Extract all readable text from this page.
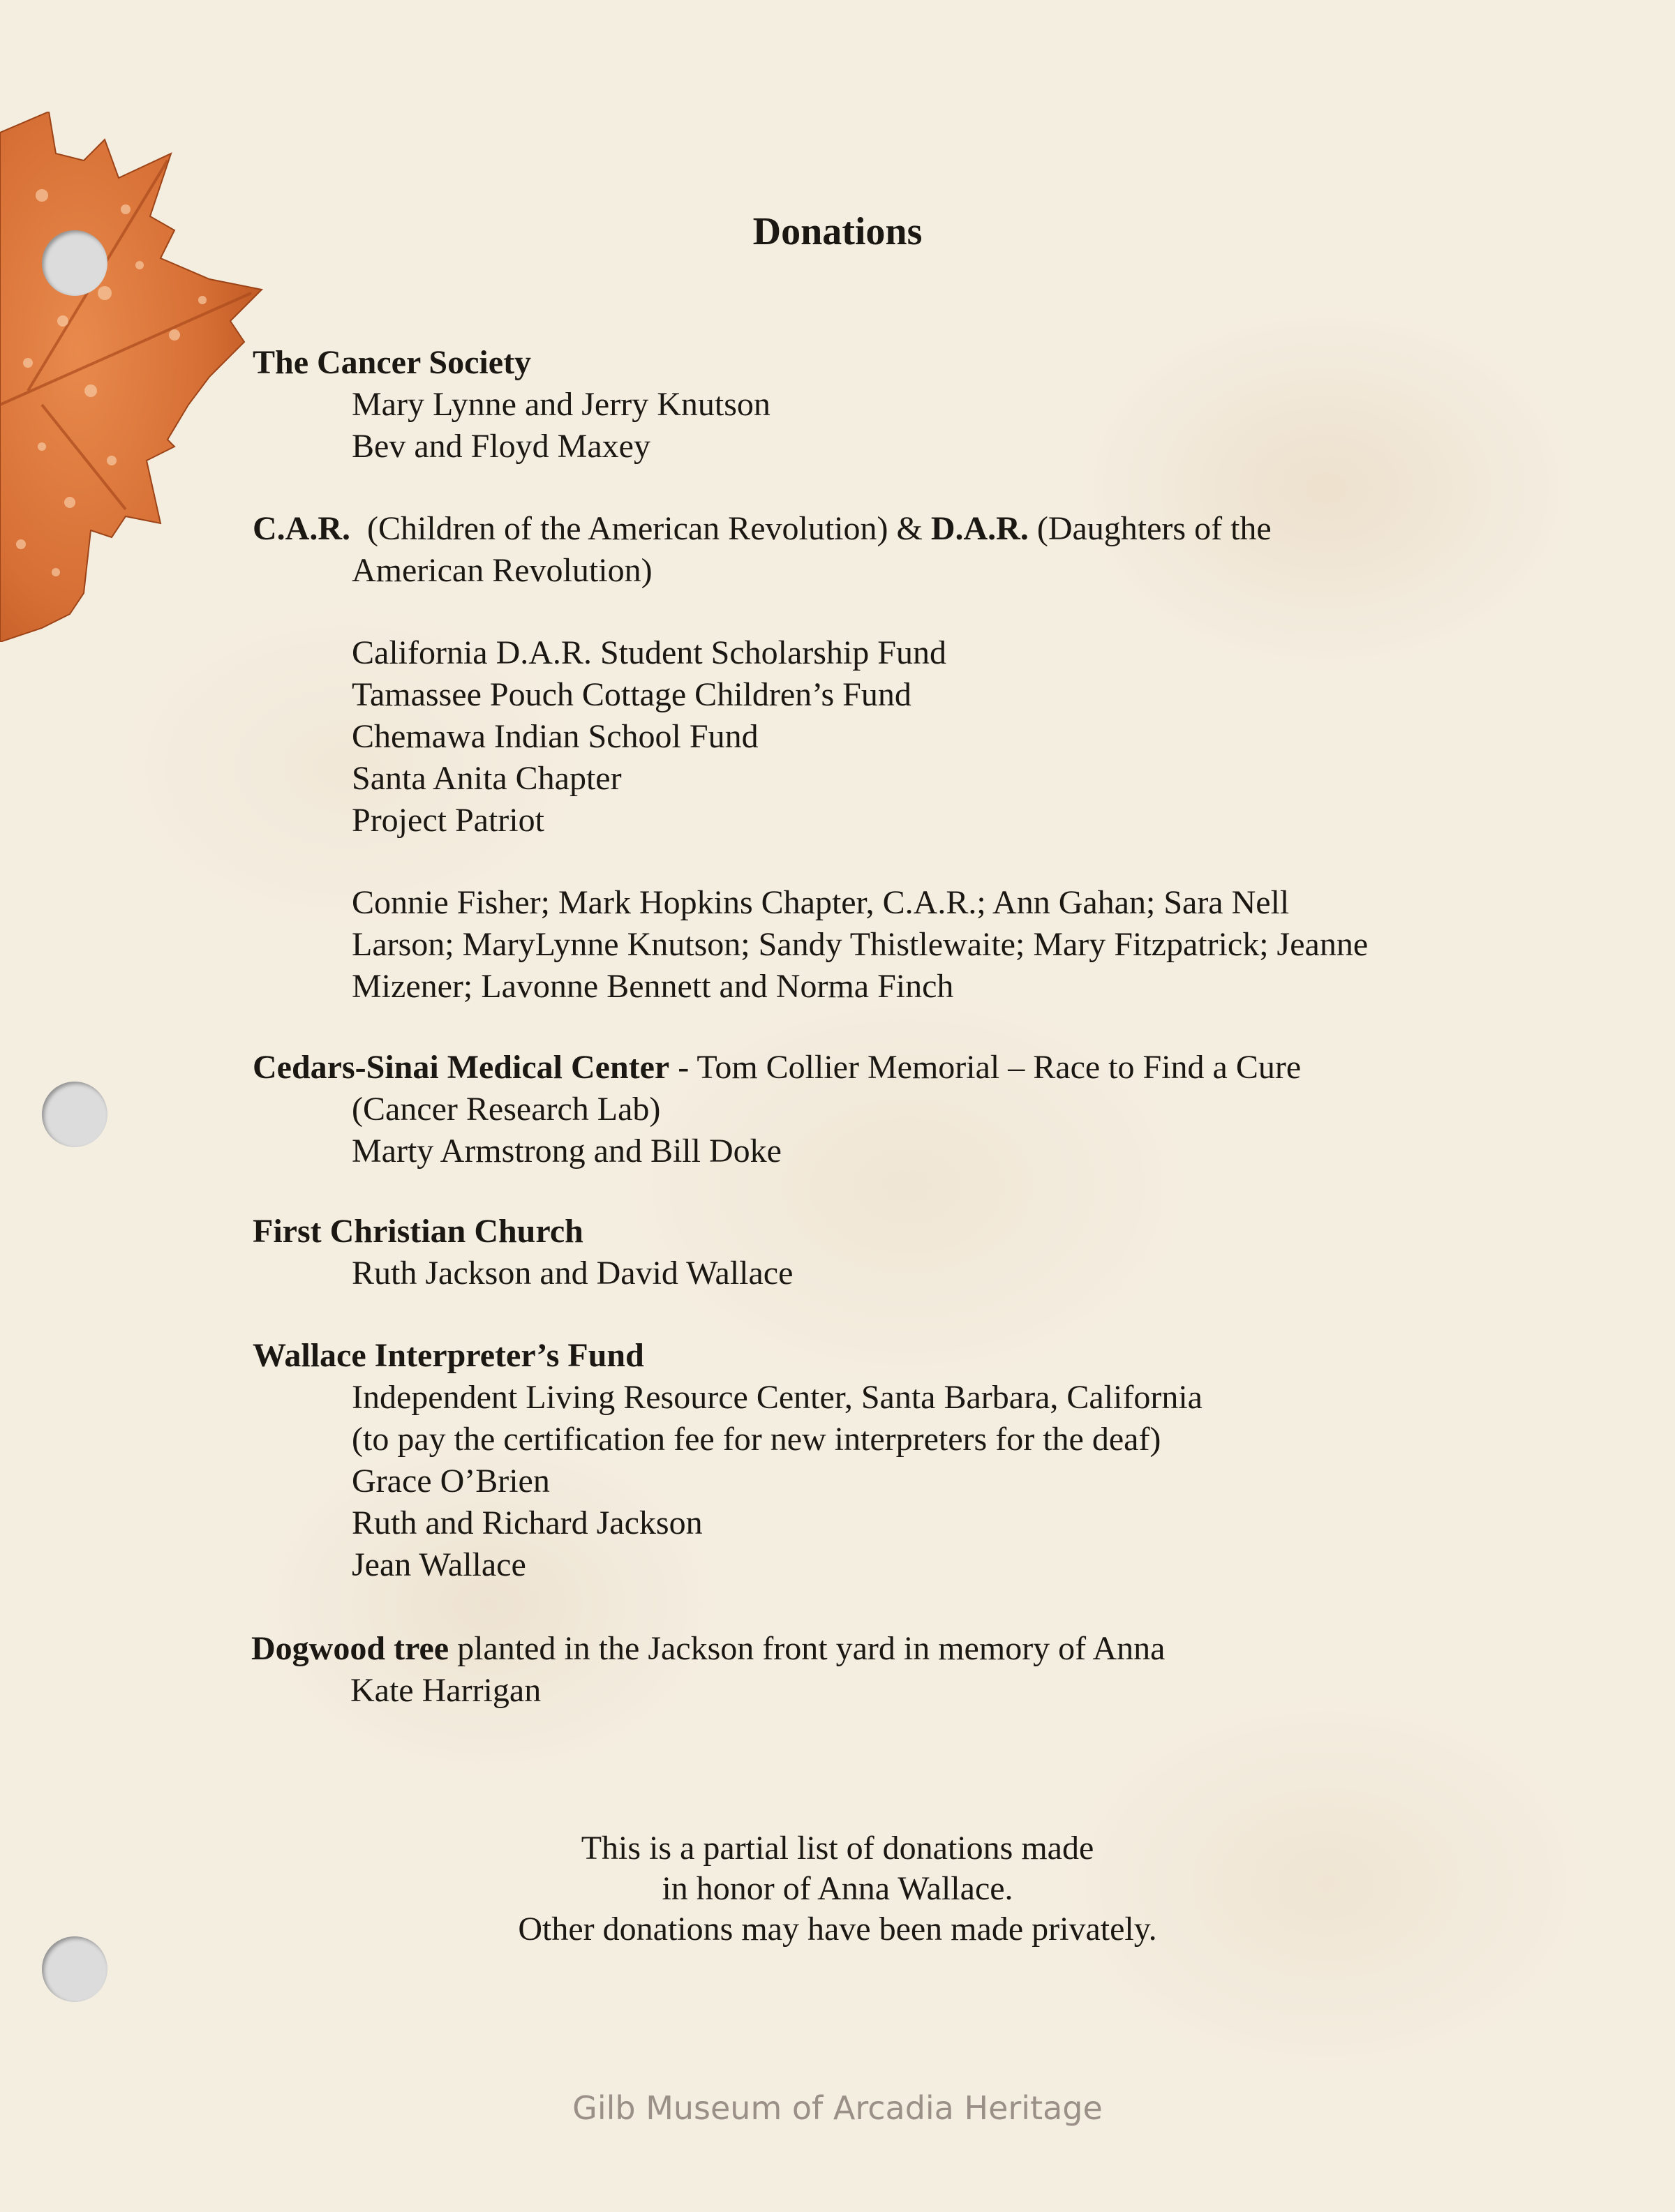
Donations
The Cancer Society
Mary Lynne and Jerry Knutson
Bev and Floyd Maxey
C.A.R. (Children of the American Revolution) & D.A.R. (Daughters of the
American Revolution)
California D.A.R. Student Scholarship Fund
Tamassee Pouch Cottage Children’s Fund
Chemawa Indian School Fund
Santa Anita Chapter
Project Patriot
Connie Fisher; Mark Hopkins Chapter, C.A.R.; Ann Gahan; Sara Nell
Larson; MaryLynne Knutson; Sandy Thistlewaite; Mary Fitzpatrick; Jeanne
Mizener; Lavonne Bennett and Norma Finch
Cedars-Sinai Medical Center - Tom Collier Memorial – Race to Find a Cure
(Cancer Research Lab)
Marty Armstrong and Bill Doke
First Christian Church
Ruth Jackson and David Wallace
Wallace Interpreter’s Fund
Independent Living Resource Center, Santa Barbara, California
(to pay the certification fee for new interpreters for the deaf)
Grace O’Brien
Ruth and Richard Jackson
Jean Wallace
Dogwood tree planted in the Jackson front yard in memory of Anna
Kate Harrigan
This is a partial list of donations made
in honor of Anna Wallace.
Other donations may have been made privately.
Gilb Museum of Arcadia Heritage
